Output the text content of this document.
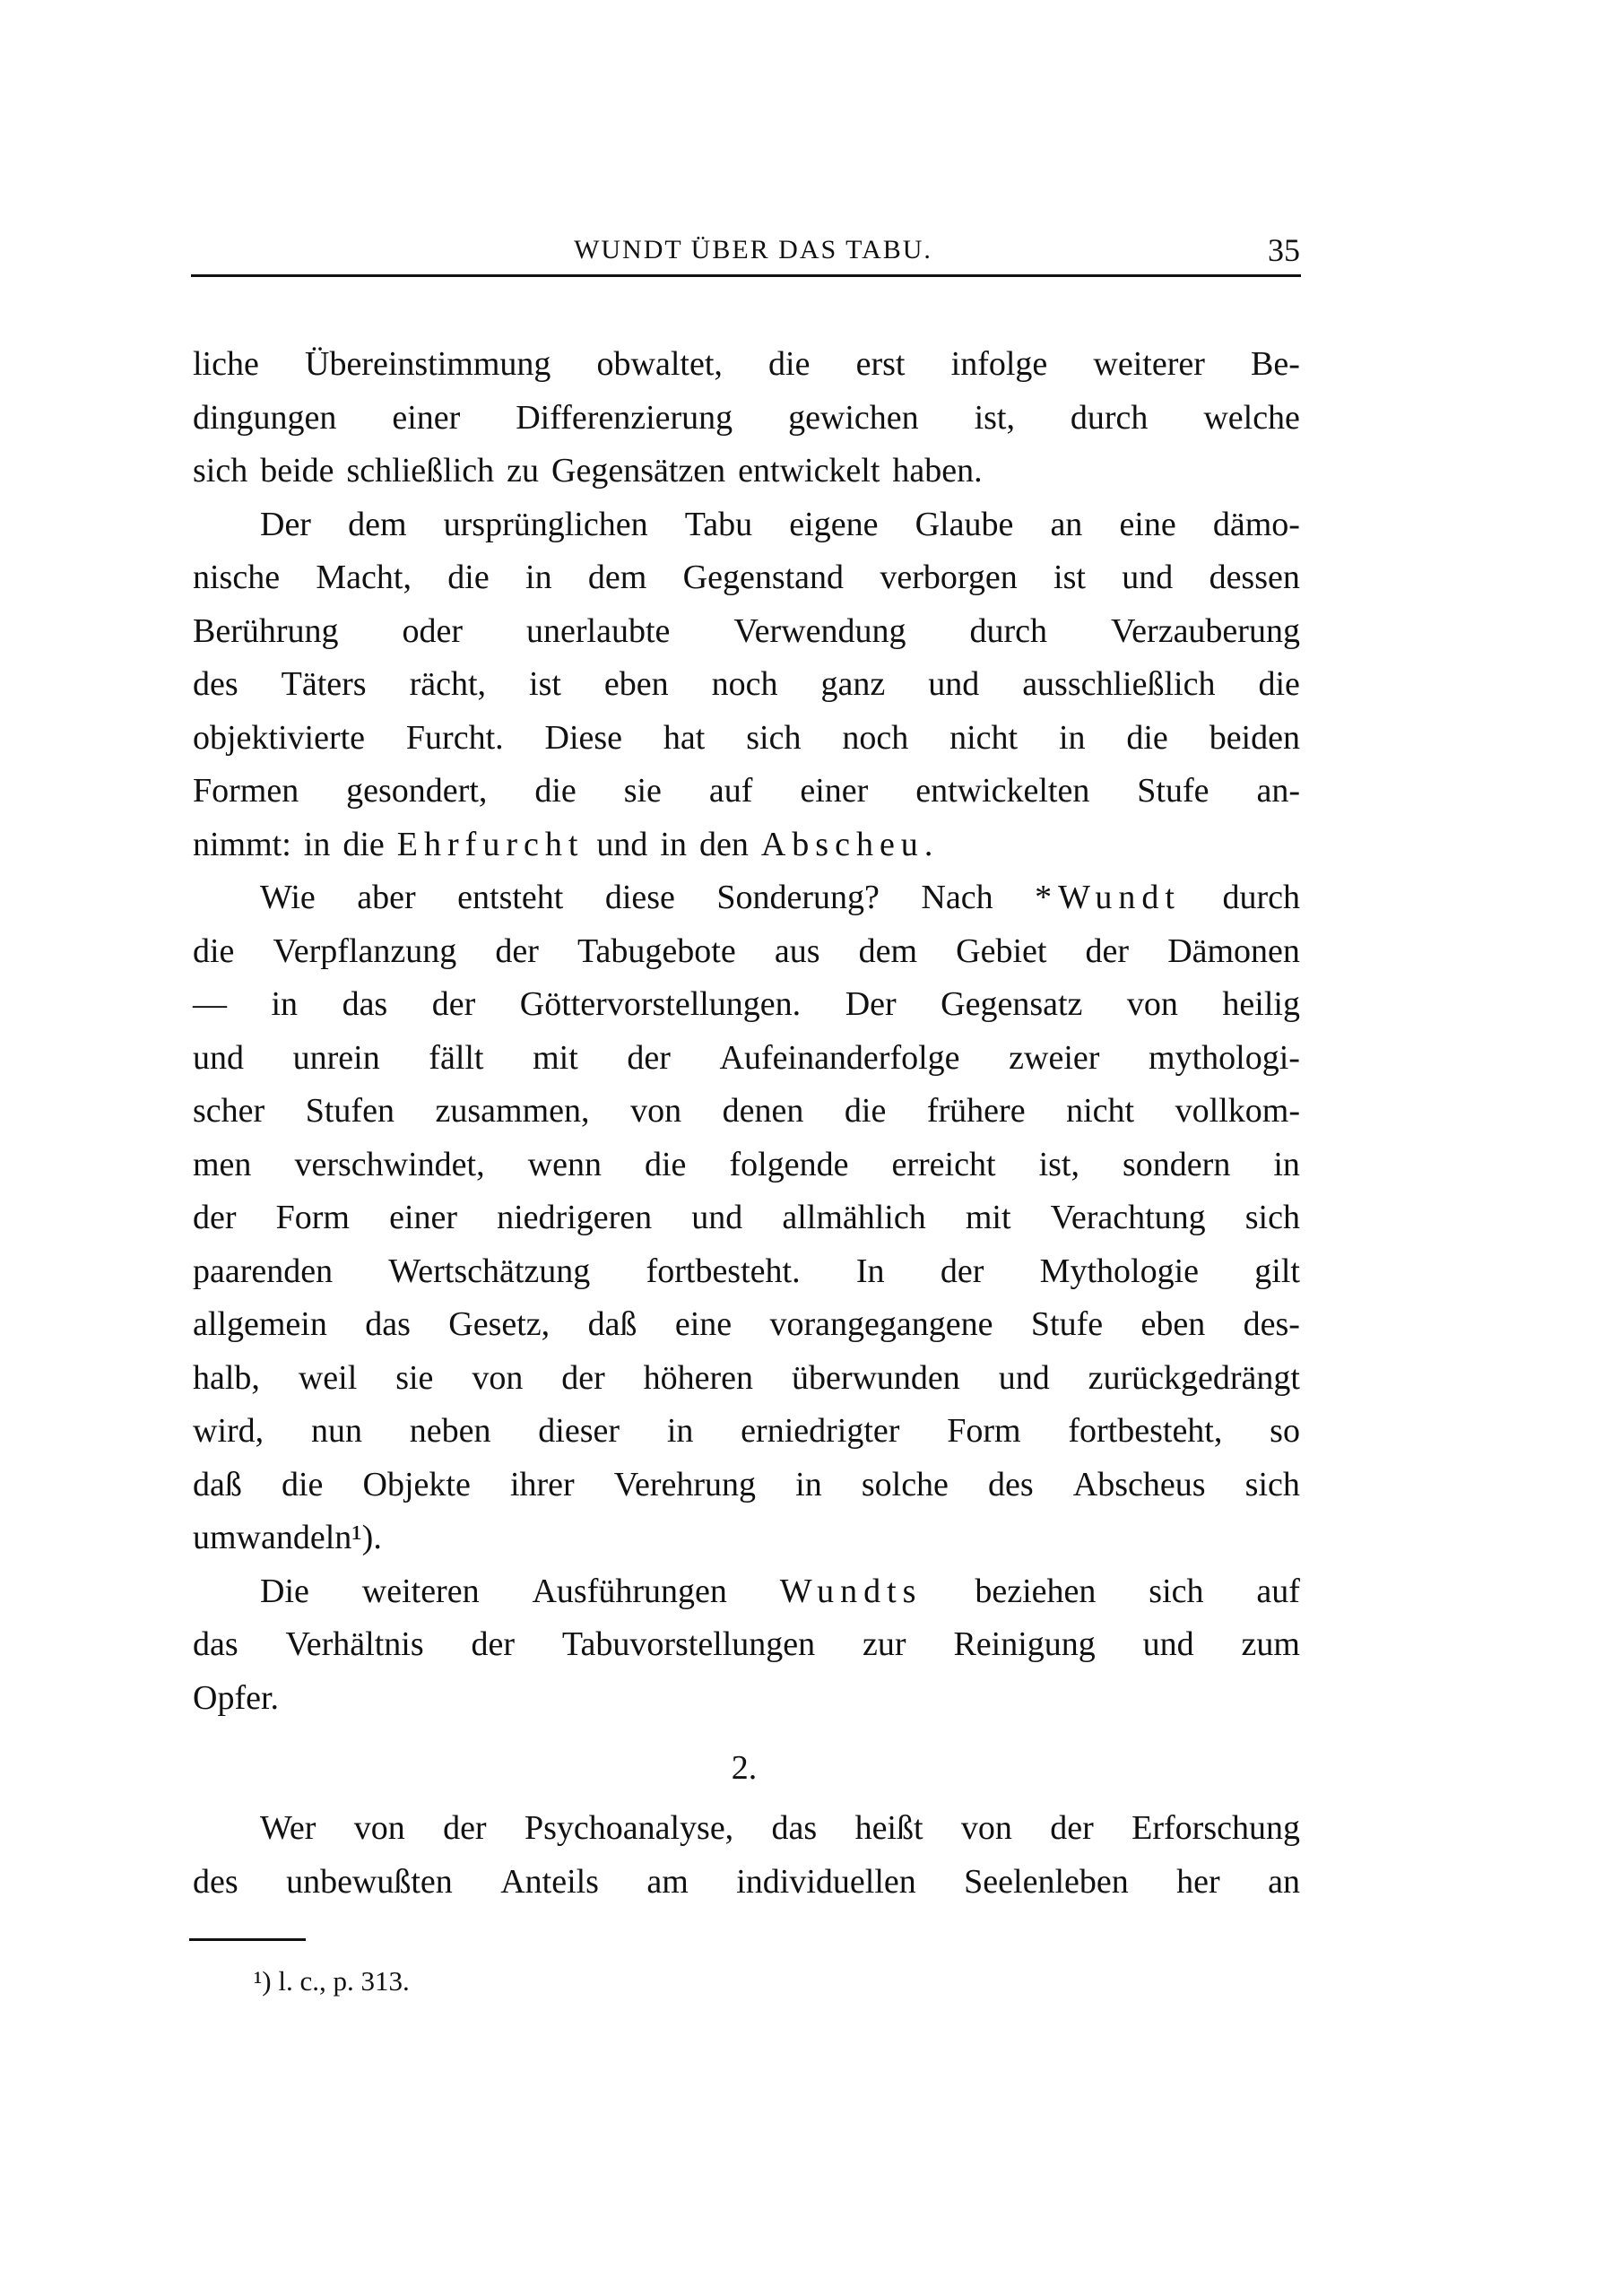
WUNDT ÜBER DAS TABU.	35
liche Übereinstimmung obwaltet, die erst infolge weiterer Be-
dingungen einer Differenzierung gewichen ist, durch welche
sich beide schließlich zu Gegensätzen entwickelt haben.
Der dem ursprünglichen Tabu eigene Glaube an eine dämo-
nische Macht, die in dem Gegenstand verborgen ist und dessen
Berührung oder unerlaubte Verwendung durch Verzauberung
des Täters rächt, ist eben noch ganz und ausschließlich die
objektivierte Furcht. Diese hat sich noch nicht in die beiden
Formen gesondert, die sie auf einer entwickelten Stufe an-
nimmt: in die Ehrfurcht und in den Abscheu .
Wie aber entsteht diese Sonderung? Nach *Wundt durch
die Verpflanzung der Tabugebote aus dem Gebiet der Dämonen
— in das der Göttervorstellungen. Der Gegensatz von heilig
und unrein fällt mit der Aufeinanderfolge zweier mythologi-
scher Stufen zusammen, von denen die frühere nicht vollkom-
men verschwindet, wenn die folgende erreicht ist, sondern in
der Form einer niedrigeren und allmählich mit Verachtung sich
paarenden Wertschätzung fortbesteht. In der Mythologie gilt
allgemein das Gesetz, daß eine vorangegangene Stufe eben des-
halb, weil sie von der höheren überwunden und zurückgedrängt
wird, nun neben dieser in erniedrigter Form fortbesteht, so
daß die Objekte ihrer Verehrung in solche des Abscheus sich
umwandeln¹).
Die weiteren Ausführungen Wundts beziehen sich auf
das Verhältnis der Tabuvorstellungen zur Reinigung und zum
Opfer.
Wer von der Psychoanalyse, das heißt von der Erforschung
des unbewußten Anteils am individuellen Seelenleben her an
2.
¹) l. c., p. 313.
